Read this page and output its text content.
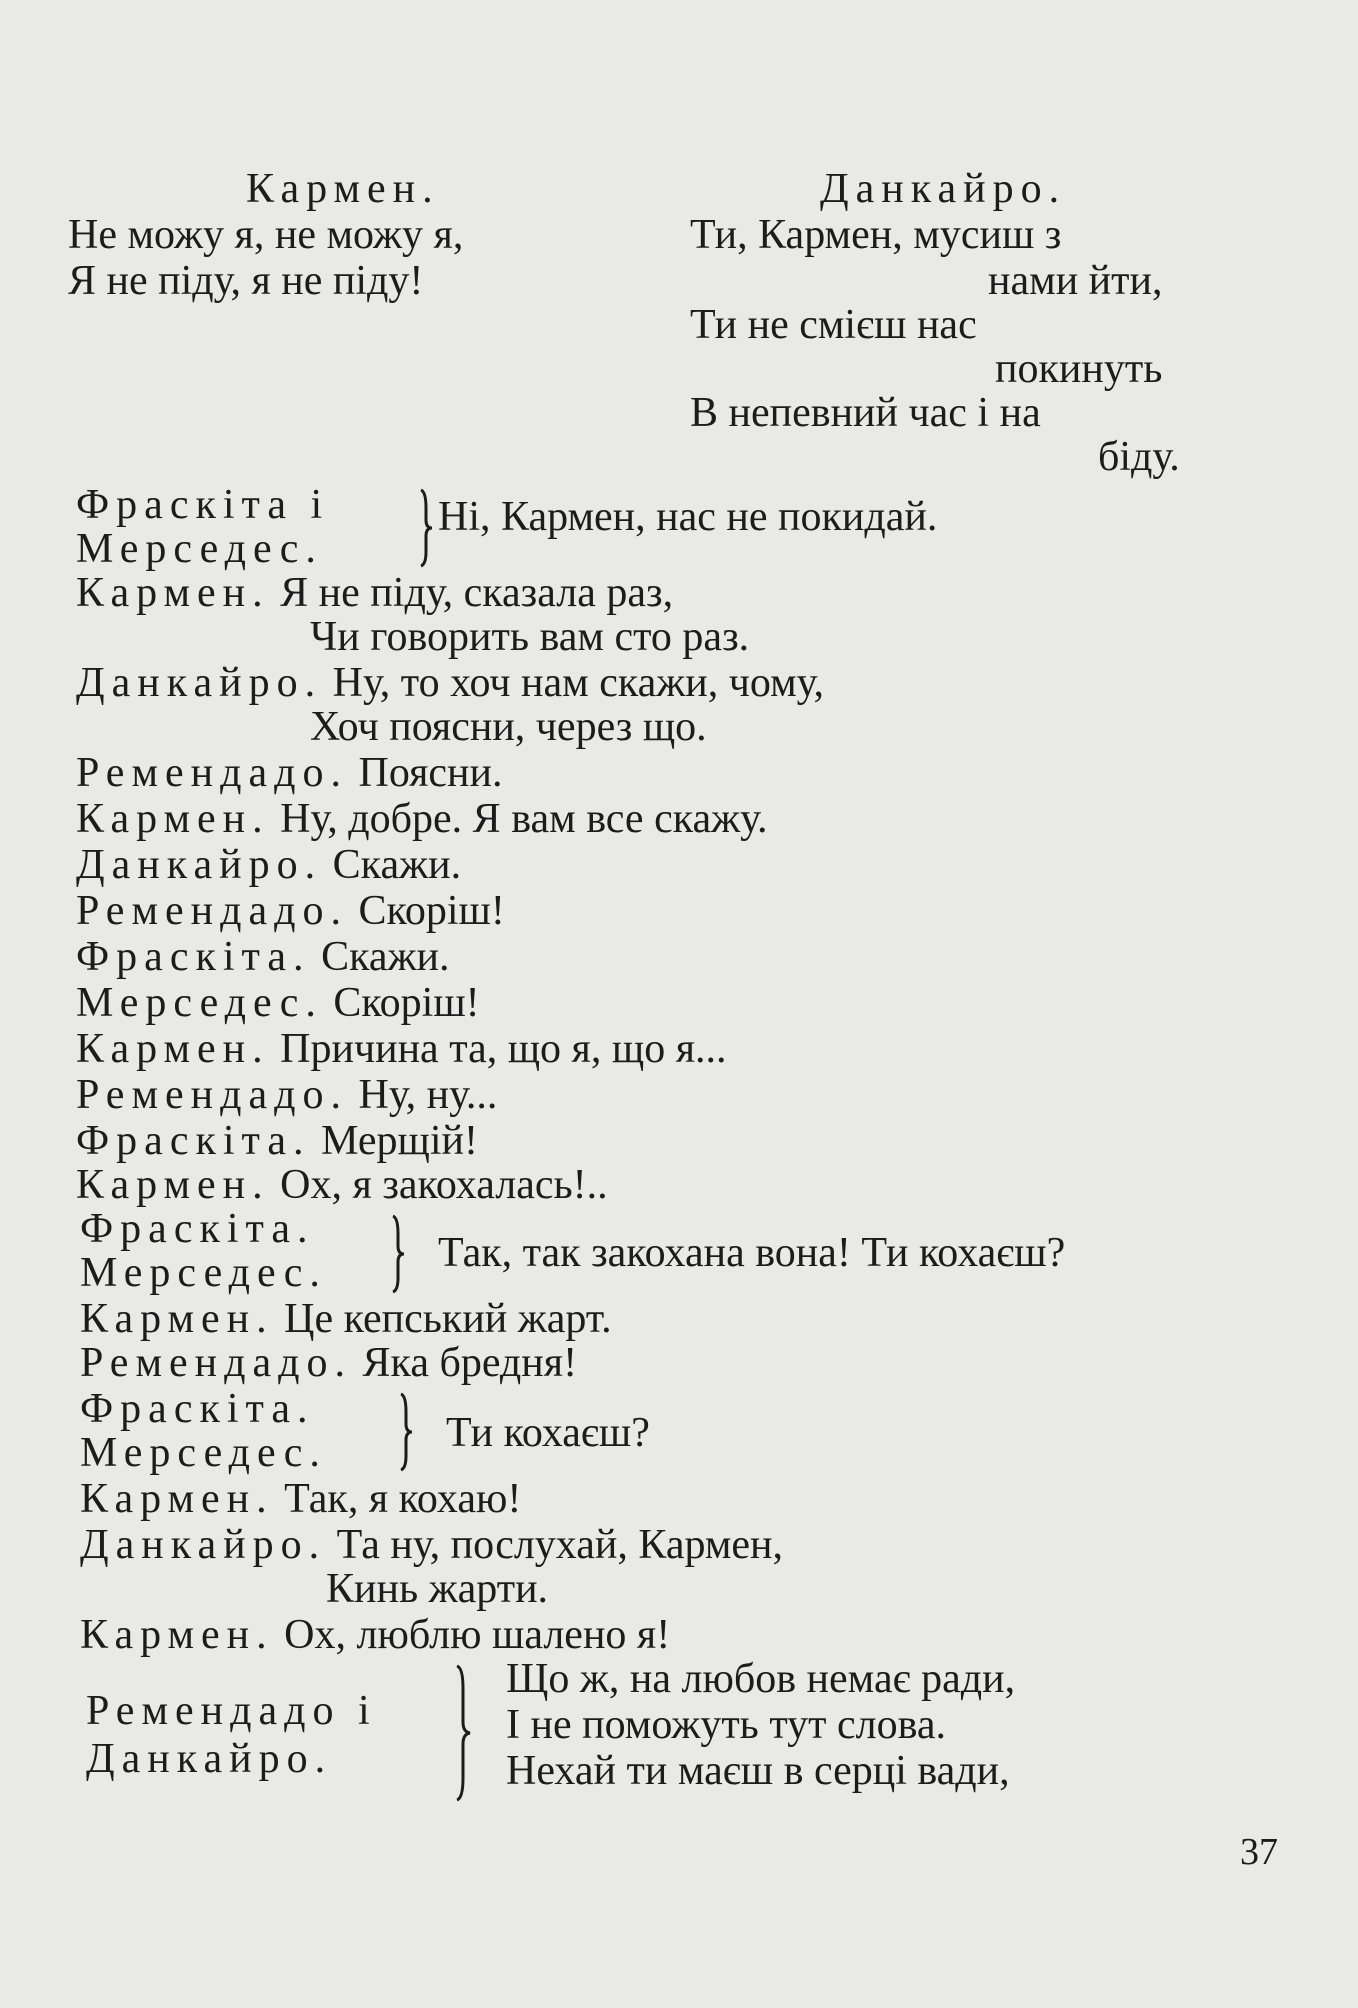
Кармен.
Не можу я, не можу я,
Я не піду, я не піду!
Данкайро.
Ти, Кармен, мусиш з
нами йти,
Ти не смієш нас
покинуть
В непевний час і на
біду.
Фраскіта і
Мерседес.
Ні, Кармен, нас не покидай.
Кармен. Я не піду, сказала раз,
Чи говорить вам сто раз.
Данкайро. Ну, то хоч нам скажи, чому,
Хоч поясни, через що.
Ремендадо. Поясни.
Кармен. Ну, добре. Я вам все скажу.
Данкайро. Скажи.
Ремендадо. Скоріш!
Фраскіта. Скажи.
Мерседес. Скоріш!
Кармен. Причина та, що я, що я...
Ремендадо. Ну, ну...
Фраскіта. Мерщій!
Кармен. Ох, я закохалась!..
Фраскіта.
Мерседес.	Так, так закохана вона! Ти кохаєш?
Кармен. Це кепський жарт.
Ремендадо. Яка бредня!
Фраскіта.
Мерседес.	Ти кохаєш?
Кармен. Так, я кохаю!
Данкайро. Та ну, послухай, Кармен,
Кинь жарти.
Кармен. Ох, люблю шалено я!
Ремендадо і
Данкайро.
Що ж, на любов немає ради,
І не поможуть тут слова.
Нехай ти маєш в серці вади,
37
